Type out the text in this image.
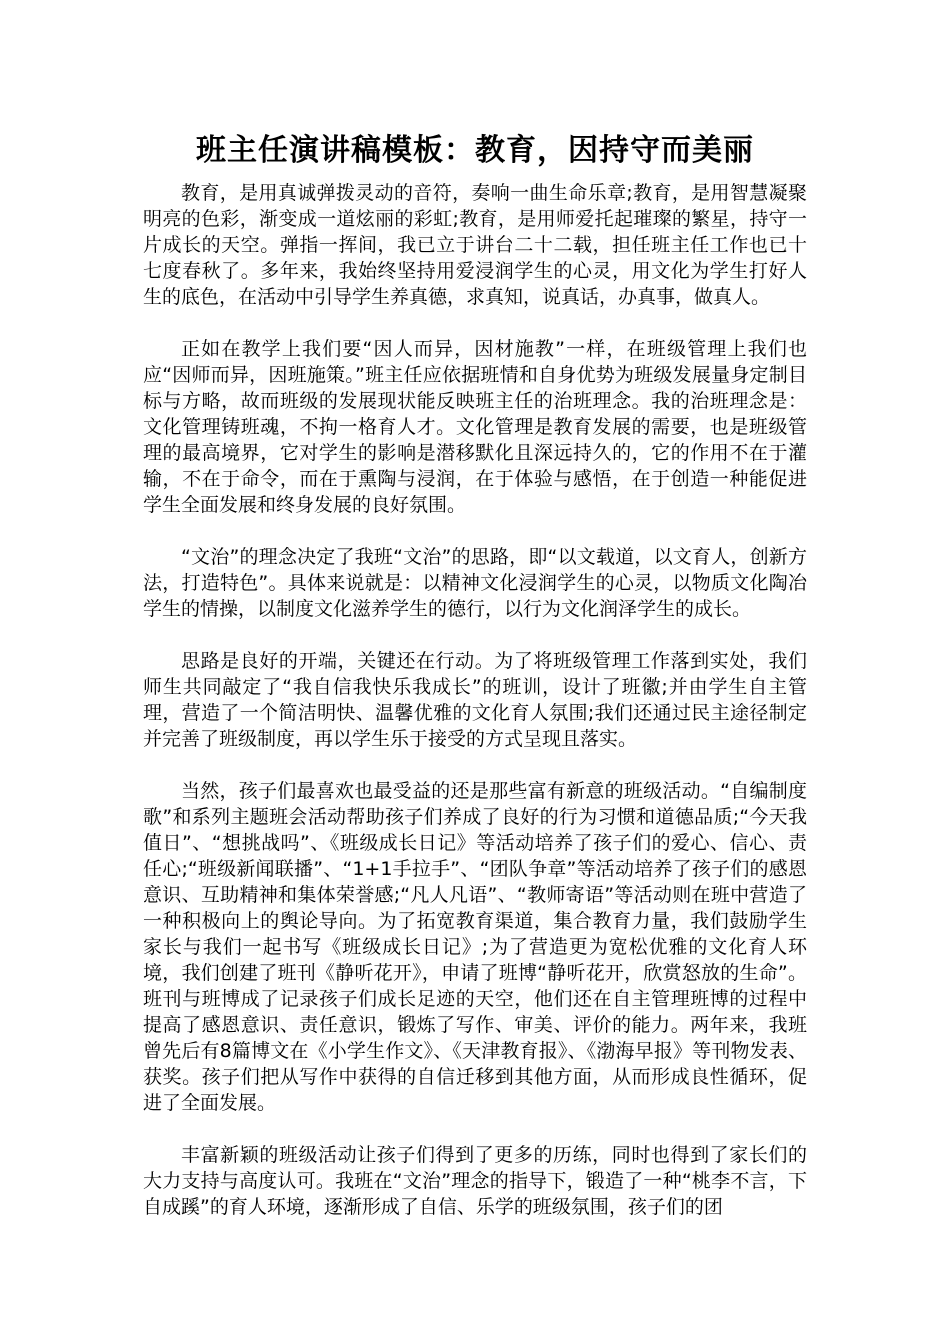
班主任演讲稿模板：教育，因持守而美丽

教育，是用真诚弹拨灵动的音符，奏响一曲生命乐章;教育，是用智慧凝聚明亮的色彩，渐变成一道炫丽的彩虹;教育，是用师爱托起璀璨的繁星，持守一片成长的天空。弹指一挥间，我已立于讲台二十二载，担任班主任工作也已十七度春秋了。多年来，我始终坚持用爱浸润学生的心灵，用文化为学生打好人生的底色，在活动中引导学生养真德，求真知，说真话，办真事，做真人。

正如在教学上我们要“因人而异，因材施教”一样，在班级管理上我们也应“因师而异，因班施策。”班主任应依据班情和自身优势为班级发展量身定制目标与方略，故而班级的发展现状能反映班主任的治班理念。我的治班理念是：文化管理铸班魂，不拘一格育人才。文化管理是教育发展的需要，也是班级管理的最高境界，它对学生的影响是潜移默化且深远持久的，它的作用不在于灌输，不在于命令，而在于熏陶与浸润，在于体验与感悟，在于创造一种能促进学生全面发展和终身发展的良好氛围。

“文治”的理念决定了我班“文治”的思路，即“以文载道，以文育人，创新方法，打造特色”。具体来说就是：以精神文化浸润学生的心灵，以物质文化陶冶学生的情操，以制度文化滋养学生的德行，以行为文化润泽学生的成长。

思路是良好的开端，关键还在行动。为了将班级管理工作落到实处，我们师生共同敲定了“我自信我快乐我成长”的班训，设计了班徽;并由学生自主管理，营造了一个简洁明快、温馨优雅的文化育人氛围;我们还通过民主途径制定并完善了班级制度，再以学生乐于接受的方式呈现且落实。

当然，孩子们最喜欢也最受益的还是那些富有新意的班级活动。“自编制度歌”和系列主题班会活动帮助孩子们养成了良好的行为习惯和道德品质;“今天我值日”、“想挑战吗”、《班级成长日记》等活动培养了孩子们的爱心、信心、责任心;“班级新闻联播”、“1+1手拉手”、“团队争章”等活动培养了孩子们的感恩意识、互助精神和集体荣誉感;“凡人凡语”、“教师寄语”等活动则在班中营造了一种积极向上的舆论导向。为了拓宽教育渠道，集合教育力量，我们鼓励学生家长与我们一起书写《班级成长日记》;为了营造更为宽松优雅的文化育人环境，我们创建了班刊《静听花开》，申请了班博“静听花开，欣赏怒放的生命”。班刊与班博成了记录孩子们成长足迹的天空，他们还在自主管理班博的过程中提高了感恩意识、责任意识，锻炼了写作、审美、评价的能力。两年来，我班曾先后有8篇博文在《小学生作文》、《天津教育报》、《渤海早报》等刊物发表、获奖。孩子们把从写作中获得的自信迁移到其他方面，从而形成良性循环，促进了全面发展。

丰富新颖的班级活动让孩子们得到了更多的历练，同时也得到了家长们的大力支持与高度认可。我班在“文治”理念的指导下，锻造了一种“桃李不言，下自成蹊”的育人环境，逐渐形成了自信、乐学的班级氛围，孩子们的团
